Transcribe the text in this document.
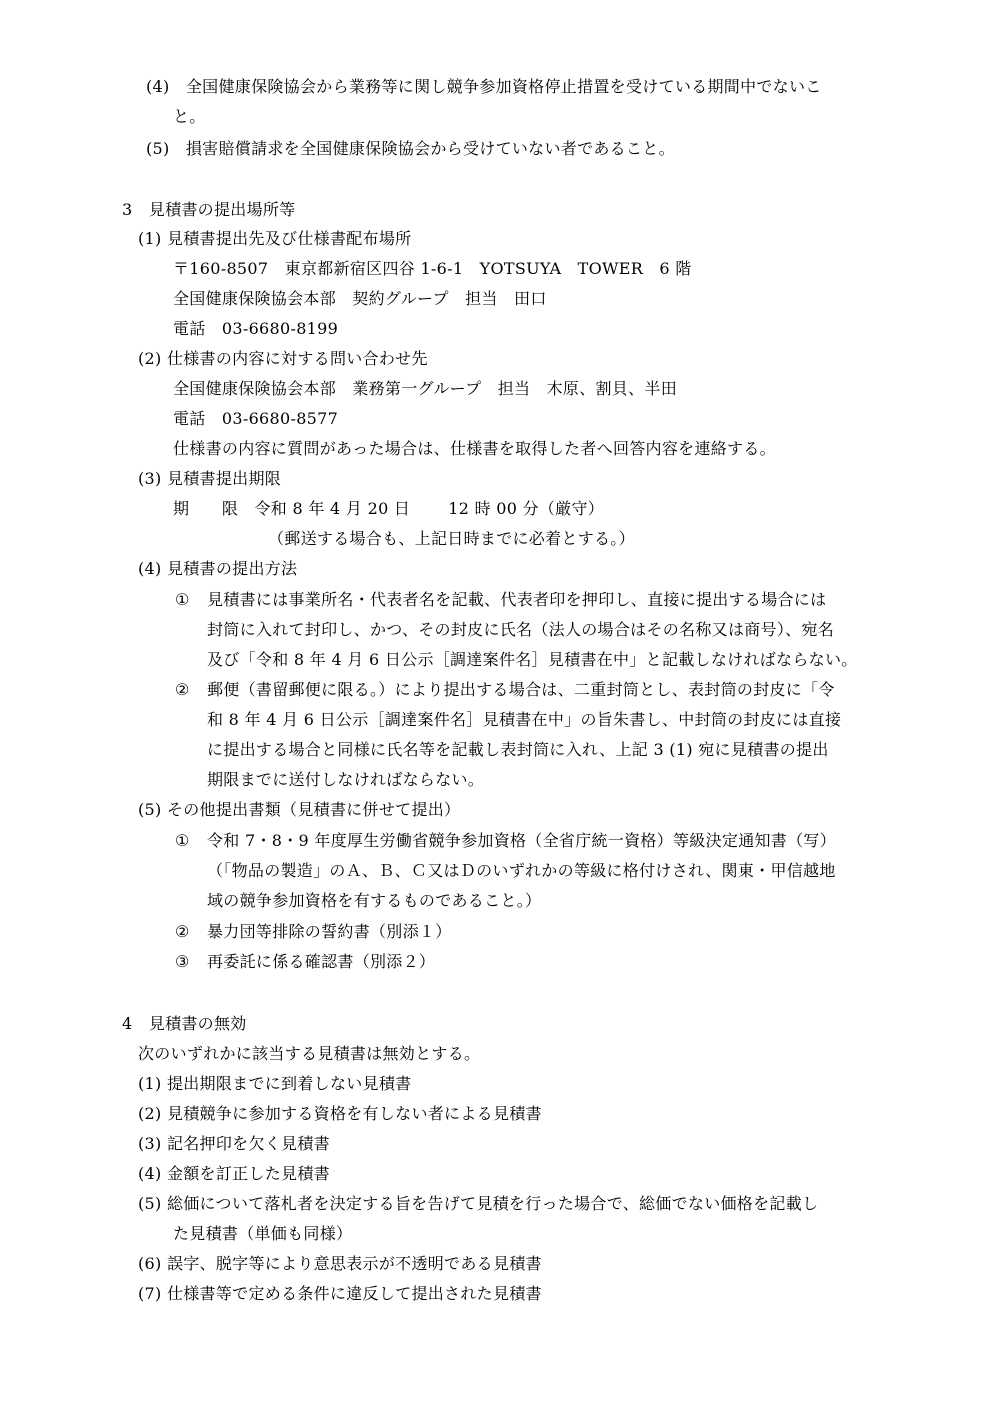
(4)　全国健康保険協会から業務等に関し競争参加資格停止措置を受けている期間中でないこ
と。
(5)　損害賠償請求を全国健康保険協会から受けていない者であること。
3　見積書の提出場所等
(1) 見積書提出先及び仕様書配布場所
〒160-8507　東京都新宿区四谷 1-6-1　YOTSUYA　TOWER　6 階
全国健康保険協会本部　契約グループ　担当　田口
電話　03-6680-8199
(2) 仕様書の内容に対する問い合わせ先
全国健康保険協会本部　業務第一グループ　担当　木原、割貝、半田
電話　03-6680-8577
仕様書の内容に質問があった場合は、仕様書を取得した者へ回答内容を連絡する。
(3) 見積書提出期限
期　　限　令和 8 年 4 月 20 日　　 12 時 00 分（厳守）
（郵送する場合も、上記日時までに必着とする。）
(4) 見積書の提出方法
① 見積書には事業所名・代表者名を記載、代表者印を押印し、直接に提出する場合には
封筒に入れて封印し、かつ、その封皮に氏名（法人の場合はその名称又は商号）、宛名
及び「令和 8 年 4 月 6 日公示［調達案件名］見積書在中」と記載しなければならない。
② 郵便（書留郵便に限る。）により提出する場合は、二重封筒とし、表封筒の封皮に「令
和 8 年 4 月 6 日公示［調達案件名］見積書在中」の旨朱書し、中封筒の封皮には直接
に提出する場合と同様に氏名等を記載し表封筒に入れ、上記 3 (1) 宛に見積書の提出
期限までに送付しなければならない。
(5) その他提出書類（見積書に併せて提出）
① 令和 7・8・9 年度厚生労働省競争参加資格（全省庁統一資格）等級決定通知書（写）
（「物品の製造」のＡ、Ｂ、Ｃ又はＤのいずれかの等級に格付けされ、関東・甲信越地
域の競争参加資格を有するものであること。）
② 暴力団等排除の誓約書（別添１）
③ 再委託に係る確認書（別添２）
4　見積書の無効
次のいずれかに該当する見積書は無効とする。
(1) 提出期限までに到着しない見積書
(2) 見積競争に参加する資格を有しない者による見積書
(3) 記名押印を欠く見積書
(4) 金額を訂正した見積書
(5) 総価について落札者を決定する旨を告げて見積を行った場合で、総価でない価格を記載し
た見積書（単価も同様）
(6) 誤字、脱字等により意思表示が不透明である見積書
(7) 仕様書等で定める条件に違反して提出された見積書
